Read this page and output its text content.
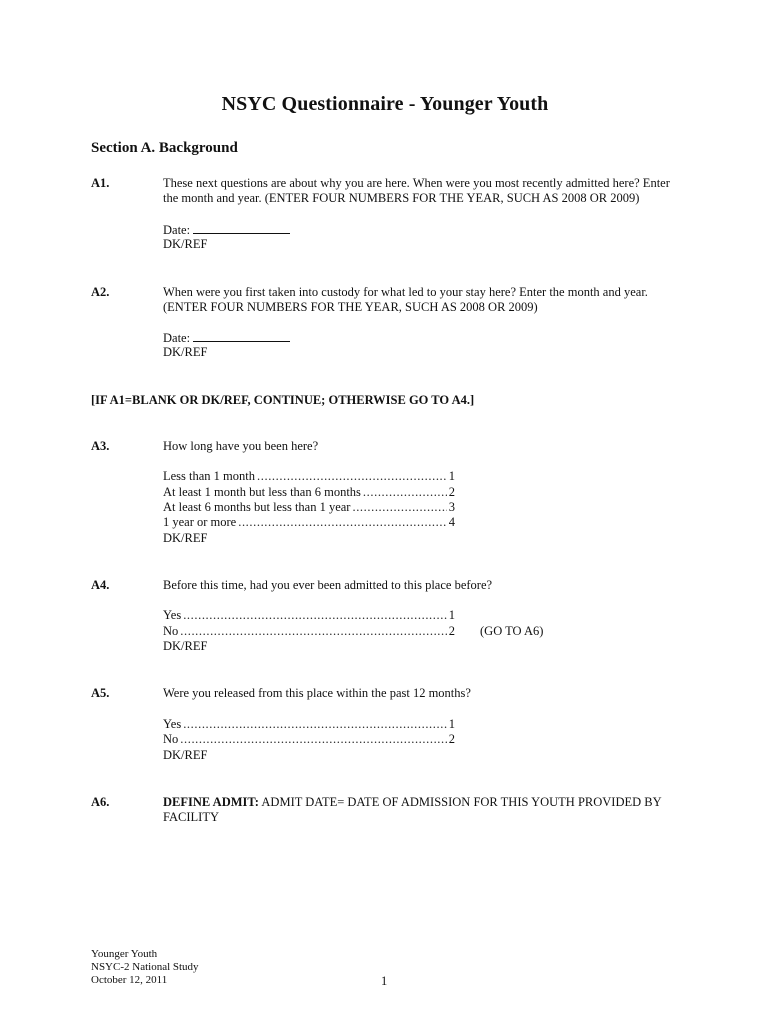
NSYC Questionnaire - Younger Youth
Section A. Background
A1.	These next questions are about why you are here. When were you most recently admitted here? Enter the month and year. (ENTER FOUR NUMBERS FOR THE YEAR, SUCH AS 2008 OR 2009)
Date:
DK/REF
A2.	When were you first taken into custody for what led to your stay here? Enter the month and year. (ENTER FOUR NUMBERS FOR THE YEAR, SUCH AS 2008 OR 2009)
Date:
DK/REF
[IF A1=BLANK OR DK/REF, CONTINUE; OTHERWISE GO TO A4.]
A3.	How long have you been here?
Less than 1 month .....	1
At least 1 month but less than 6 months .....	2
At least 6 months but less than 1 year .....	3
1 year or more .....	4
DK/REF
A4.	Before this time, had you ever been admitted to this place before?
Yes .....	1
No .....	2 (GO TO A6)
DK/REF
A5.	Were you released from this place within the past 12 months?
Yes .....	1
No .....	2
DK/REF
A6.	DEFINE ADMIT: ADMIT DATE= DATE OF ADMISSION FOR THIS YOUTH PROVIDED BY FACILITY
Younger Youth
NSYC-2 National Study
October 12, 2011	1
